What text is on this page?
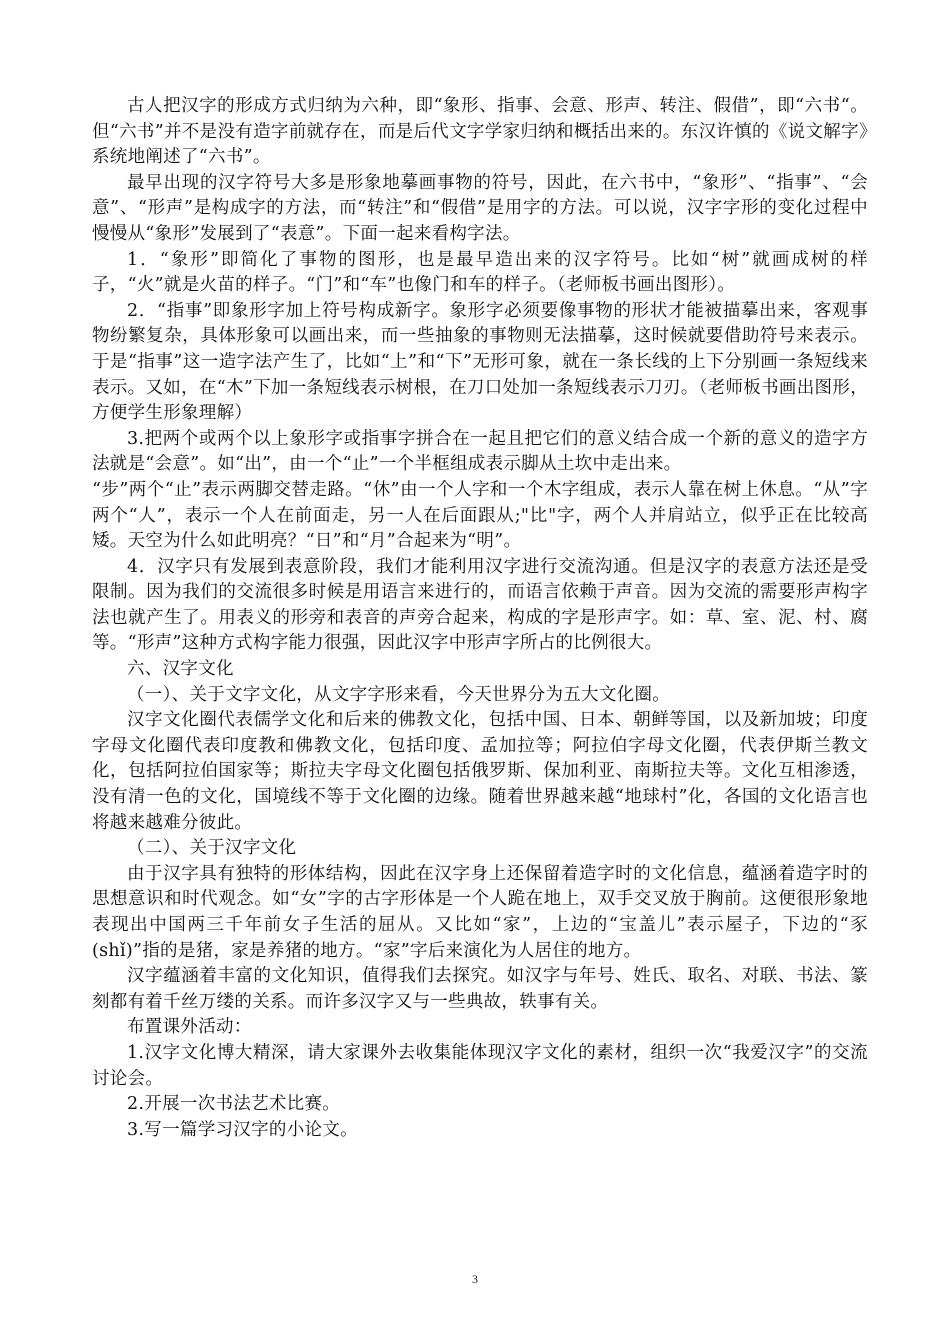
古人把汉字的形成方式归纳为六种，即“象形、指事、会意、形声、转注、假借”，即“六书“。但“六书”并不是没有造字前就存在，而是后代文字学家归纳和概括出来的。东汉许慎的《说文解字》系统地阐述了“六书”。

最早出现的汉字符号大多是形象地摹画事物的符号，因此，在六书中，“象形”、“指事”、“会意”、“形声”是构成字的方法，而“转注”和“假借”是用字的方法。可以说，汉字字形的变化过程中慢慢从“象形”发展到了“表意”。下面一起来看构字法。

1．“象形”即简化了事物的图形，也是最早造出来的汉字符号。比如“树”就画成树的样子，“火”就是火苗的样子。“门”和“车”也像门和车的样子。（老师板书画出图形）。

2．“指事”即象形字加上符号构成新字。象形字必须要像事物的形状才能被描摹出来，客观事物纷繁复杂，具体形象可以画出来，而一些抽象的事物则无法描摹，这时候就要借助符号来表示。于是“指事”这一造字法产生了，比如“上”和“下”无形可象，就在一条长线的上下分别画一条短线来表示。又如，在“木”下加一条短线表示树根，在刀口处加一条短线表示刀刃。（老师板书画出图形，方便学生形象理解）

3.把两个或两个以上象形字或指事字拼合在一起且把它们的意义结合成一个新的意义的造字方法就是“会意”。如“出”，由一个“止”一个半框组成表示脚从土坎中走出来。

“步”两个“止”表示两脚交替走路。“休”由一个人字和一个木字组成，表示人靠在树上休息。“从”字两个“人”，表示一个人在前面走，另一人在后面跟从;"比"字，两个人并肩站立，似乎正在比较高矮。天空为什么如此明亮？“日”和“月”合起来为“明”。

4．汉字只有发展到表意阶段，我们才能利用汉字进行交流沟通。但是汉字的表意方法还是受限制。因为我们的交流很多时候是用语言来进行的，而语言依赖于声音。因为交流的需要形声构字法也就产生了。用表义的形旁和表音的声旁合起来，构成的字是形声字。如：草、室、泥、村、腐等。“形声”这种方式构字能力很强，因此汉字中形声字所占的比例很大。

六、汉字文化

（一）、关于文字文化，从文字字形来看，今天世界分为五大文化圈。

汉字文化圈代表儒学文化和后来的佛教文化，包括中国、日本、朝鲜等国，以及新加坡；印度字母文化圈代表印度教和佛教文化，包括印度、孟加拉等；阿拉伯字母文化圈，代表伊斯兰教文化，包括阿拉伯国家等；斯拉夫字母文化圈包括俄罗斯、保加利亚、南斯拉夫等。文化互相渗透，没有清一色的文化，国境线不等于文化圈的边缘。随着世界越来越“地球村”化，各国的文化语言也将越来越难分彼此。

（二）、关于汉字文化

由于汉字具有独特的形体结构，因此在汉字身上还保留着造字时的文化信息，蕴涵着造字时的思想意识和时代观念。如“女”字的古字形体是一个人跪在地上，双手交叉放于胸前。这便很形象地表现出中国两三千年前女子生活的屈从。又比如“家”，上边的“宝盖儿”表示屋子，下边的“豕(shǐ)”指的是猪，家是养猪的地方。“家”字后来演化为人居住的地方。

汉字蕴涵着丰富的文化知识，值得我们去探究。如汉字与年号、姓氏、取名、对联、书法、篆刻都有着千丝万缕的关系。而许多汉字又与一些典故，轶事有关。

布置课外活动：

1.汉字文化博大精深，请大家课外去收集能体现汉字文化的素材，组织一次“我爱汉字”的交流讨论会。

2.开展一次书法艺术比赛。

3.写一篇学习汉字的小论文。

3
